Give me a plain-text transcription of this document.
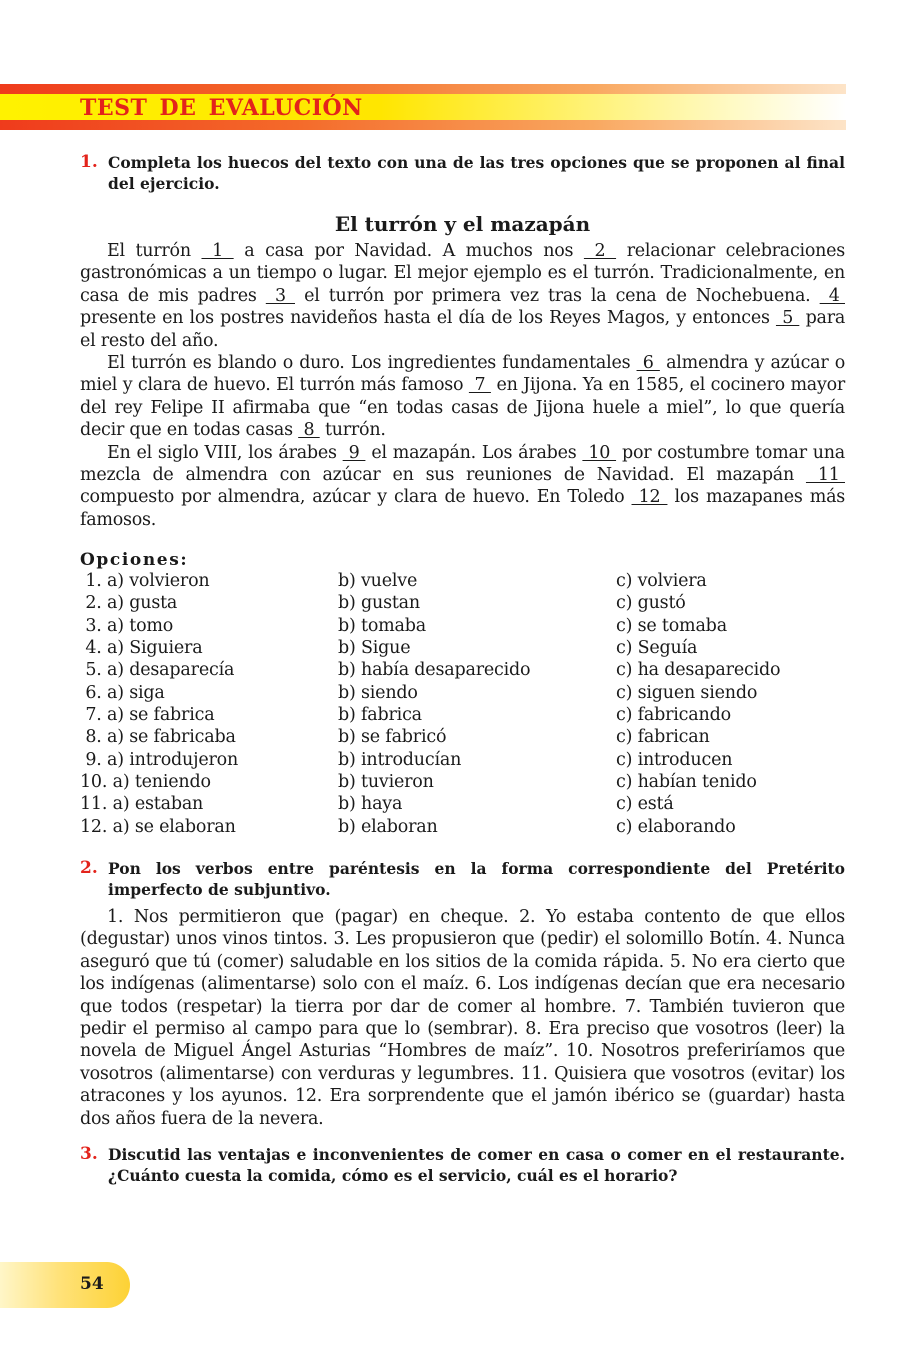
TEST DE EVALUCIÓN
1. Completa los huecos del texto con una de las tres opciones que se proponen al final del ejercicio.
El turrón y el mazapán

El turrón  1  a casa por Navidad. A muchos nos  2  relacionar celebraciones gastronómicas a un tiempo o lugar. El mejor ejemplo es el turrón. Tradicionalmente, en casa de mis padres  3  el turrón por primera vez tras la cena de Nochebuena.  4  presente en los postres navideños hasta el día de los Reyes Magos, y entonces  5  para el resto del año.

El turrón es blando o duro. Los ingredientes fundamentales  6  almendra y azúcar o miel y clara de huevo. El turrón más famoso  7  en Jijona. Ya en 1585, el cocinero mayor del rey Felipe II afirmaba que “en todas casas de Jijona huele a miel”, lo que quería decir que en todas casas  8  turrón.

En el siglo VIII, los árabes  9  el mazapán. Los árabes  10  por costumbre tomar una mezcla de almendra con azúcar en sus reuniones de Navidad. El mazapán  11  compuesto por almendra, azúcar y clara de huevo. En Toledo  12  los mazapanes más famosos.

Opciones:
1. a) volvieron	b) vuelve	c) volviera
2. a) gusta	b) gustan	c) gustó
3. a) tomo	b) tomaba	c) se tomaba
4. a) Siguiera	b) Sigue	c) Seguía
5. a) desaparecía	b) había desaparecido	c) ha desaparecido
6. a) siga	b) siendo	c) siguen siendo
7. a) se fabrica	b) fabrica	c) fabricando
8. a) se fabricaba	b) se fabricó	c) fabrican
9. a) introdujeron	b) introducían	c) introducen
10. a) teniendo	b) tuvieron	c) habían tenido
11. a) estaban	b) haya	c) está
12. a) se elaboran	b) elaboran	c) elaborando
2. Pon los verbos entre paréntesis en la forma correspondiente del Pretérito imperfecto de subjuntivo.

1. Nos permitieron que (pagar) en cheque. 2. Yo estaba contento de que ellos (degustar) unos vinos tintos. 3. Les propusieron que (pedir) el solomillo Botín. 4. Nunca aseguró que tú (comer) saludable en los sitios de la comida rápida. 5. No era cierto que los indígenas (alimentarse) solo con el maíz. 6. Los indígenas decían que era necesario que todos (respetar) la tierra por dar de comer al hombre. 7. También tuvieron que pedir el permiso al campo para que lo (sembrar). 8. Era preciso que vosotros (leer) la novela de Miguel Ángel Asturias “Hombres de maíz”. 10. Nosotros preferiríamos que vosotros (alimentarse) con verduras y legumbres. 11. Quisiera que vosotros (evitar) los atracones y los ayunos. 12. Era sorprendente que el jamón ibérico se (guardar) hasta dos años fuera de la nevera.

3. Discutid las ventajas e inconvenientes de comer en casa o comer en el restaurante. ¿Cuánto cuesta la comida, cómo es el servicio, cuál es el horario?
54
